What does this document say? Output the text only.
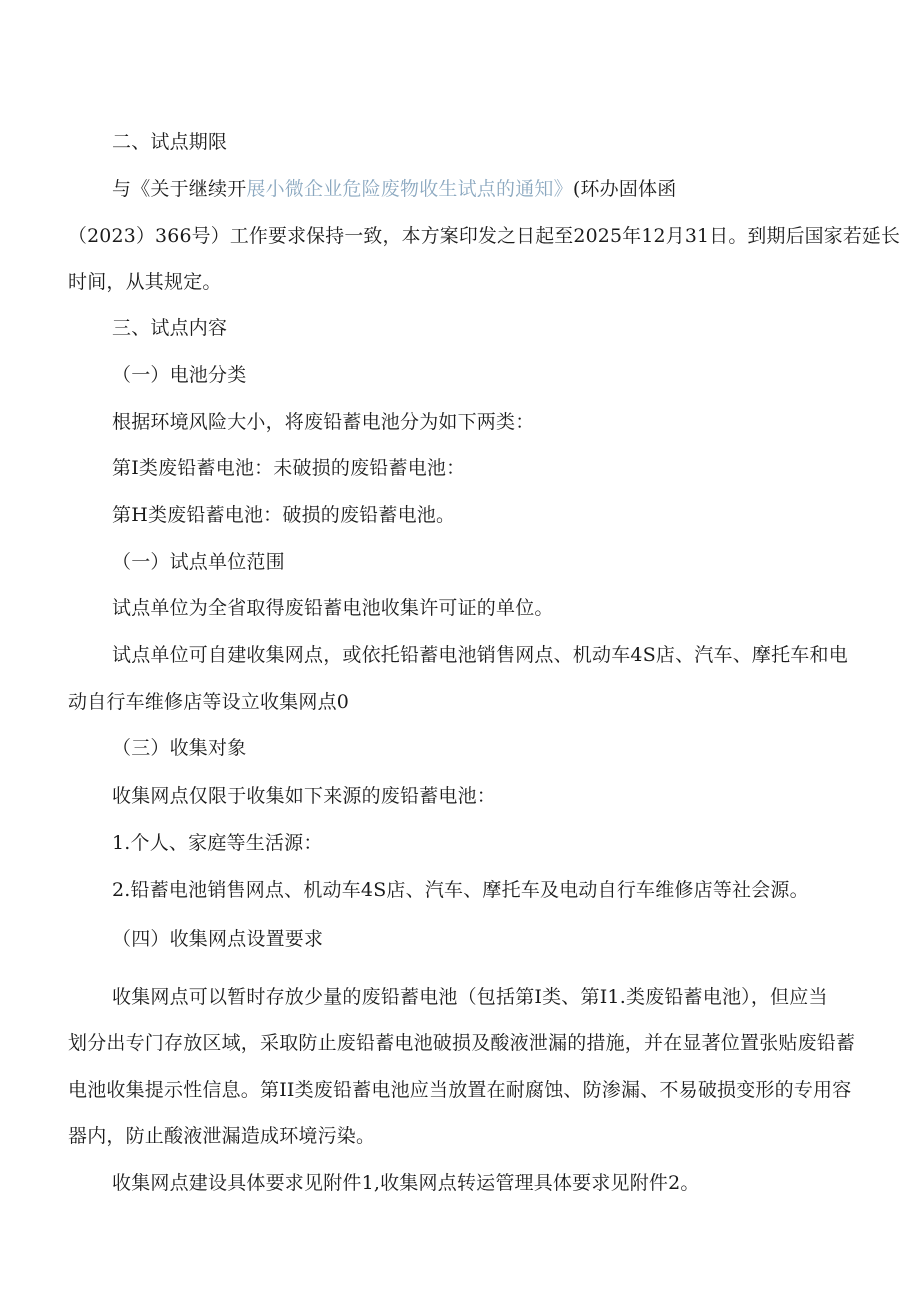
二、试点期限
与《关于继续开展小微企业危险废物收生试点的通知》(环办固体函
（2023）366号）工作要求保持一致，本方案印发之日起至2025年12月31日。到期后国家若延长
时间，从其规定。
三、试点内容
（一）电池分类
根据环境风险大小，将废铅蓄电池分为如下两类：
第I类废铅蓄电池：未破损的废铅蓄电池：
第H类废铅蓄电池：破损的废铅蓄电池。
（一）试点单位范围
试点单位为全省取得废铅蓄电池收集许可证的单位。
试点单位可自建收集网点，或依托铅蓄电池销售网点、机动车4S店、汽车、摩托车和电
动自行车维修店等设立收集网点0
（三）收集对象
收集网点仅限于收集如下来源的废铅蓄电池：
1.个人、家庭等生活源：
2.铅蓄电池销售网点、机动车4S店、汽车、摩托车及电动自行车维修店等社会源。
（四）收集网点设置要求
收集网点可以暂时存放少量的废铅蓄电池（包括第I类、第I1.类废铅蓄电池），但应当
划分出专门存放区域，采取防止废铅蓄电池破损及酸液泄漏的措施，并在显著位置张贴废铅蓄
电池收集提示性信息。第II类废铅蓄电池应当放置在耐腐蚀、防渗漏、不易破损变形的专用容
器内，防止酸液泄漏造成环境污染。
收集网点建设具体要求见附件1,收集网点转运管理具体要求见附件2。
